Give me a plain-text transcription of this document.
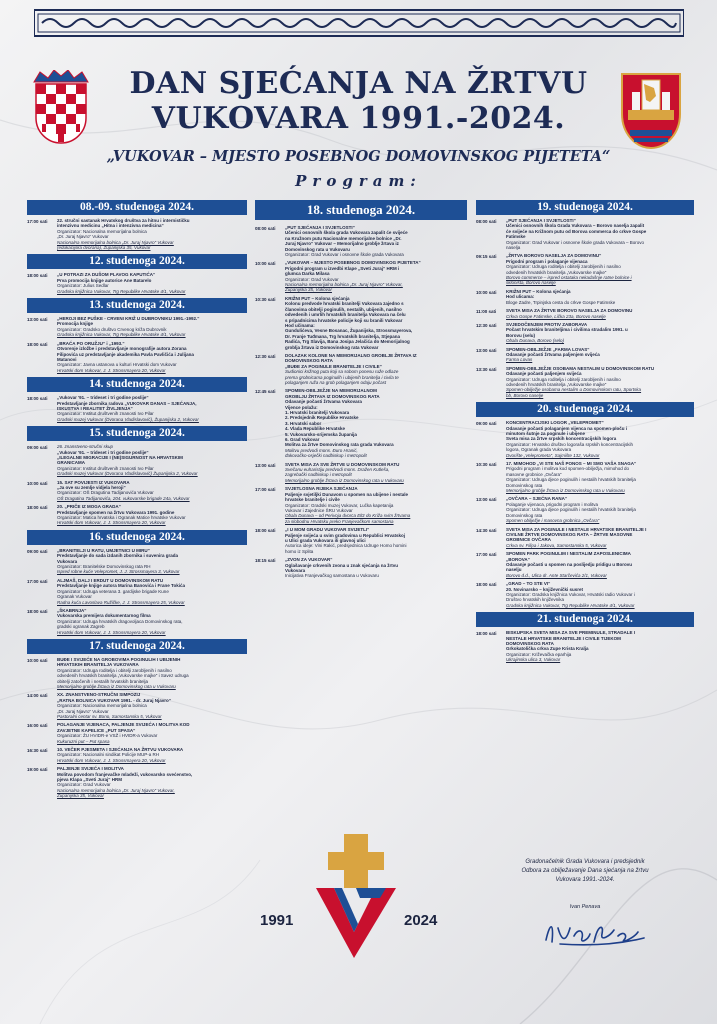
DAN SJEĆANJA NA ŽRTVU
VUKOVARA 1991.-2024.
„VUKOVAR – MJESTO POSEBNOG DOMOVINSKOG PIJETETA“
Program:
08.-09. studenoga 2024.
17:00 sati	22. stručni sastanak Hrvatskog društva za hitnu i internističku
intenzivnu medicinu „Hitna i intenzivna medicina“
Organizator: Nacionalna memorijalna bolnica
„Dr. Juraj Njavro“ Vukovar
Nacionalna memorijalna bolnica „Dr. Juraj Njavro“ Vukovar
(edukacijska dvorana), Županijska 35, Vukovar
12. studenoga 2024.
18:00 sati	„U POTRAZI ZA DUŠOM PLAVOG KAPUTIĆA“
Prva promocija knjige autorice Ane Batarelo
Organizator: Julius Sedlar
Gradska knjižnica Vukovar, Trg Republike Hrvatske 4/1, Vukovar
13. studenoga 2024.
13:00 sati	„HEROJI BEZ PUŠKE - CRVENI KRIŽ U DUBROVNIKU 1991.-1992.“
Promocija knjige
Organizator: Gradsko društvo Crvenog križa Dubrovnik
Gradska knjižnica Vukovar, Trg Republike Hrvatske 4/1, Vukovar
18:00 sati	„BRAĆA PO ORUŽJU“ i „1993.“
Otvorenje izložbe i predstavljanje monografije autora Zorana
Filipovića uz predstavljanje akademika Pavla Pavličića i Julijana
Matanovi
Organizator: Javna ustanova u kulturi Hrvatski dom Vukovar
Hrvatski dom Vukovar, J. J. Strossmayera 20, Vukovar
14. studenoga 2024.
18:00 sati	„Vukovar '91. – trideset i tri godine poslije“
Predstavljanje zbornika radova „VUKOVAR DANAS – SJEĆANJA,
ISKUSTVA I REALITET ŽIVLJENJA“
Organizator: Institut društvenih znanosti Ivo Pilar
Gradski muzej Vukovar (Dvorana Vladislavović), Županijska 2, Vukovar
15. studenoga 2024.
09:00 sati	26. znanstveno-stručni skup
„Vukovar '91. – trideset i tri godine poslije“
„ILEGALNE MIGRACIJE I (NE)SIGURNOST NA HRVATSKIM
GRANICAMA
Organizator: Institut društvenih znanosti Ivo Pilar
Gradski muzej Vukovar (Dvorana Vladislavović) Županijska 2, Vukovar
10:00 sati	15. SAT POVIJESTI IZ VUKOVARA
„Ja ove su zemlje vidjela heroji“
Organizator: OŠ Dragutina Tadijanovića Vukovar
OŠ Dragutina Tadijanovića, 204. vukovarske brigade 24a, Vukovar
18:00 sati	20. „PRIČE IZ MOGA GRADA“
Predstavljanje spomen na žrtvu Vukovara 1991. godine
Organizator: Matica hrvatska i Ogranak Matice hrvatske Vukovar
Hrvatski dom Vukovar, J. J. Strossmayera 20, Vukovar
16. studenoga 2024.
09:00 sati	„BRANITELJI U RATU, UMJETNICI U MIRU“
Predstavljanje do sada izdanih zbornika i suvenira grada
Vukovara
Organizator: Branitelske Domovinskog rata RH
Ispred robne kuće Velepromet, J. J. Strossmayera 3, Vukovar
17:00 sati	ALJMAŠ, DALJ I ERDUT U DOMOVINSKOM RATU
Predstavljanje knjige autora Marina Banovića i Frane Tokića
Organizator: Udruga veterana 3. gardijske brigade Kune
Ogranak Vukovar
Radna kuća Lavoslava Ružičke, J. J. Strossmayera 25, Vukovar
18:00 sati	„ŠKABRNJA“
Vukovarska premijera dokumentarnog filma
Organizator: Udruga hrvatskih dragovoljaca Domovinskog rata,
gradski ogranak Zagreb
Hrvatski dom Vukovar, J. J. Strossmayera 20, Vukovar
17. studenoga 2024.
10:00 sati	BUĐE I SVIJEĆE NA GROBOVIMA POGINULIH I UBIJENIH
HRVATSKIH BRANITELJA VUKOVARA
Organizator: Udruga roditelja i obitelji zarobljenih i nasilno
odvedenih hrvatskih branitelja „Vukovarske majke“ i Savez udruga
obitelji zatočenih i nestalih hrvatskih branitelja
Memorijalno groblje žrtava iz Domovinskog rata u Vukovaru
14:00 sati	XX. ZNANSTVENO-STRUČNI SIMPOZIJ
„RATNA BOLNICA VUKOVAR 1991. - dr. Juraj Njavro“
Organizator: Nacionalna memorijalna bolnica
„Dr. Juraj Njavro“ Vukovar
Pastoralni centar sv. Bono, Samostanska 5, Vukovar
16:00 sati	POLAGANJE VIJENACA, PALJENJE SVIJEĆA I MOLITVA KOD
ZAVJETNE KAPELICE „PUT SPASA“
Organizator: ŽU HVIDR-e VSŽ i HVIDR-a Vukovar
Kukuruzni put – Put spasa
16:30 sati	10. VEČER PJESMETA I SJEĆANJA NA ŽRTVU VUKOVARA
Organizator: Nacionalni sindikat Policije MUP-a RH
Hrvatski dom Vukovar, J. J. Strossmayera 20, Vukovar
19:00 sati	PALJENJE SVIJEĆA I MOLITVA
Molitva povodom franjevačke mladeži, vukovarsko svećenstvo,
pjeva Klapa „Sveti Juraj“ HRM
Organizator: Grad Vukovar
Nacionalna memorijalna bolnica „Dr. Juraj Njavro“ Vukovar,
Županijska 35, Vukovar
18. studenoga 2024.
08:00 sati	„PUT SJEĆANJA I SVJETLOSTI“
Učenici osnovnih škola grada Vukovara zapalit će svijeće
na Kružnom putu Nacionalne memorijalne bolnice „Dr.
Juraj Njavro“ Vukovar – Memorijalno groblje žrtava iz
Domovinskog rata u Vukovaru
Organizator: Grad Vukovar i osnovne škole grada Vukovara
10:00 sati	„VUKOVAR – MJESTO POSEBNOG DOMOVINSKOG PIJETETA“
Prigodni program u izvedbi Klape „Sveti Juraj“ HRM i
glumca Darka Milasa
Organizator: Grad Vukovar
Nacionalna memorijalna bolnica „Dr. Juraj Njavro“ Vukovar,
Županijska 35, Vukovar
10:30 sati	KRIŽNI PUT – Kolona sjećanja
Kolonu predvode hrvatski branitelji Vukovara zajedno s
članovima obitelji poginulih, nestalih, ubijenih, nasilno
odvedenih i umrlih hrvatskih branitelja Vukovara na čelu
s pripadnicima hrvatske policije koji su branili Vukovar
Hod učinama:
Gundulićeva, Vesne Bosanac, Županijska, Strossmayerova,
Dr. Franje Tuđmana, Trg hrvatskih branitelja, Stjepana
Radića, Trg Slavija, Bana Josipa Jelačića do Memorijalnog
groblja žrtava iz Domovinskog rata Vukovar
12:30 sati	DOLAZAK KOLONE NA MEMORIJALNO GROBLJE ŽRTAVA IZ
DOMOVINSKOG RATA
„BUĐE ZA POGINULE BRANITELJE I CIVILE“
Sudionici križnog puta koji sa sobom ponesu ruže odlaze
prema grobnicama poginulih i ubijenih branitelja i civila te
polaganjem ruža na grob polaganjem odaju počast
12:45 sati	SPOMEN-OBILJEŽJE NA MEMORIJALNOM
GROBLJU ŽRTAVA IZ DOMOVINSKOG RATA
Odavanje počasti žrtvama Vukovara
Vijence polažu:
1. Hrvatski branitelji Vukovara
2. Predsjednik Republike Hrvatske
3. Hrvatski sabor
4. Vlada Republike Hrvatske
5. Vukovarsko-srijemska županija
6. Grad Vukovar
Molitva za žrtve Domovinskog rata grada Vukovara
Molitvu predvodi mons. Đuro Hranić,
đakovačko-osječki nadbiskup i metropolit
13:00 sati	SVETA MISA ZA SVE ŽRTVE U DOMOVINSKOM RATU
Svečanu euharistiju predvodi mons. Dražen Kutleša,
zagrebački nadbiskup i metropolit
Memorijalno groblje žrtava iz Domovinskog rata u Vukovaru
17:00 sati	SVJETLOSNA RIJEKA SJEĆANJA
Paljenje svjetiljki Dunavom u spomen na ubijene i nestale
hrvatske branitelje i civile
Organizator: Gradski muzej Vukovar, Lučka kapetanija
Vukovar i Zajednice ŠRU Vukovar
Obala Dunava – od Perivoja dvorca Eltz do Križa svim žrtvama
za slobodnu Hrvatsku preko Franjevačkom samostana
18:00 sati	„I U MOM GRADU VUKOVAR SVIJETLI“
Paljenje svijeća u svim gradovima u Republici Hrvatskoj
u Ulici grada Vukovara ili glavnoj ulici
Autorica ideje: Vini Rakić, predsjednica Udruge Homo homini
homo iz Splita
18:15 sati	„ZVON ZA VUKOVAR“
Oglašavanje crkvenih zvona u znak sjećanja na žrtvu
Vukovara
Inicijativa Franjevačkog samostana u Vukovaru
19. studenoga 2024.
08:00 sati	„PUT SJEĆANJA I SVJETLOSTI“
Učenici osnovnih škola Grada Vukovara – Borovo naselja zapalit
će svijeće na Križnom putu od Borova commerca do crkve Gospe
Fatimske
Organizator: Grad Vukovar i osnovne škole grada Vukovara – Borovo
naselja
09:15 sati	„ŽRTVA BOROVO NASELJA ZA DOMOVINU“
Prigodni program i polaganje vijenaca
Organizator: Udruga roditelja i obitelji zarobljenih i nasilno
odvedenih hrvatskih branitelja „Vukovarske majke“
Borovo commerce – ispred ostataka nekadašnje ratne bolnice i
skloništa, Borovo naselje
10:00 sati	KRIŽNI PUT – Kolona sjećanja
Hod ulicama:
Bloge Zadre, Trpinjska cesta do crkve Gospe Fatimske
11:00 sati	SVETA MISA ZA ŽRTVE BOROVO NASELJA ZA DOMOVINU
Crkva Gospe Fatimske, Lička 23a, Borovo naselje
12:30 sati	SVJEDOČENJEM PROTIV ZABORAVA
Počast hrvatskim braniteljima i civilima stradalim 1991. u
Borovu (selu)
Obala Dunava, Borovo (selo)
13:00 sati	SPOMEN-OBILJEŽJE „FARMA LOVAS“
Odavanje počasti žrtvama paljenjem svijeća
Farma Lovas
13:30 sati	SPOMEN-OBILJEŽJE OSOBAMA NESTALIM U DOMOVINSKOM RATU
Odavanje počasti paljenjem svijeća
Organizator: Udruga roditelja i obitelji zarobljenih i nasilno
odvedenih hrvatskih branitelja „Vukovarske majke“
Spomen-obilježje osobama nestalim u Domovinskom ratu, Sportska
bb, Borovo naselje
20. studenoga 2024.
09:00 sati	KONCENTRACIJSKI LOGOR „VELEPROMET“
Odavanje počasti polaganjem vijenca na spomen-ploču i
minutom šutnje za poginule i ubijene
Sveta misa za žrtve srpskih koncentracijskih logora
Organizator: Hrvatsko društvo logoraša srpskih koncentracijskih
logora, Ogranak grada Vukovara
Dvorište „Veleprometa“, Sajmište 132, Vukovar
10:30 sati	17. MIMOHOD „VI STE NAŠ PONOS – MI SMO VAŠA SNAGA“
Prigodni program i molitva kod spomen-obilježja, mimohod do
masovne grobnice „Ovčara“
Organizator: Udruga djece poginulih i nestalih hrvatskih branitelja
Domovinskog rata
Memorijalno groblje žrtava iz Domovinskog rata u Vukovaru
13:00 sati	„OVČARA – SJEĆNA RANA“
Polaganje vijenaca, prigodni program i molitva
Organizator: Udruga djece poginulih i nestalih hrvatskih branitelja
Domovinskog rata
Spomen obilježje i masovna grobnica „Ovčara“
14:30 sati	SVETA MISA ZA POGINULE I NESTALE HRVATSKE BRANITELJE I
CIVILNE ŽRTVE DOMOVINSKOG RATA – ŽRTVE MASOVNE
GROBNICE OVČARA
Crkva sv. Filipa i Jakova, Samostanska 5, Vukovar
17:00 sati	SPOMEN PARK POGINULIM I NESTALIM ZAPOSLENICIMA
„BOROVA“
Odavanje počasti u spomen na poslijedju pridigu u Borovu
naselju
Borovo d.d., Ulica dr. Ante Starčevića 2/1, Vukovar
18:00 sati	„GRAD – TO STE VI“
20. Novinarsko – književnički susret
Organizator: Gradska knjižnica Vukovar, Hrvatski radio Vukovar i
Društvo hrvatskih književnika
Gradska knjižnica Vukovar, Trg Republike Hrvatske 4/1, Vukovar
21. studenoga 2024.
18:00 sati	BISKUPSKA SVETA MISA ZA SVE PREMINULE, STRADALE I
NESTALE HRVATSKE BRANITELJE I CIVILE TIJEKOM
DOMOVINSKOG RATA
Grkokatolička crkva Zupe Krista Kralja
Organizator: Križevačka eparhija
Ukrajinska ulica 3, Vukovar
1991	2024
Gradonačelnik Grada Vukovara i predsjednik
Odbora za obilježavanje Dana sjećanja na žrtvu
Vukovara 1991.-2024.
Ivan Penava
